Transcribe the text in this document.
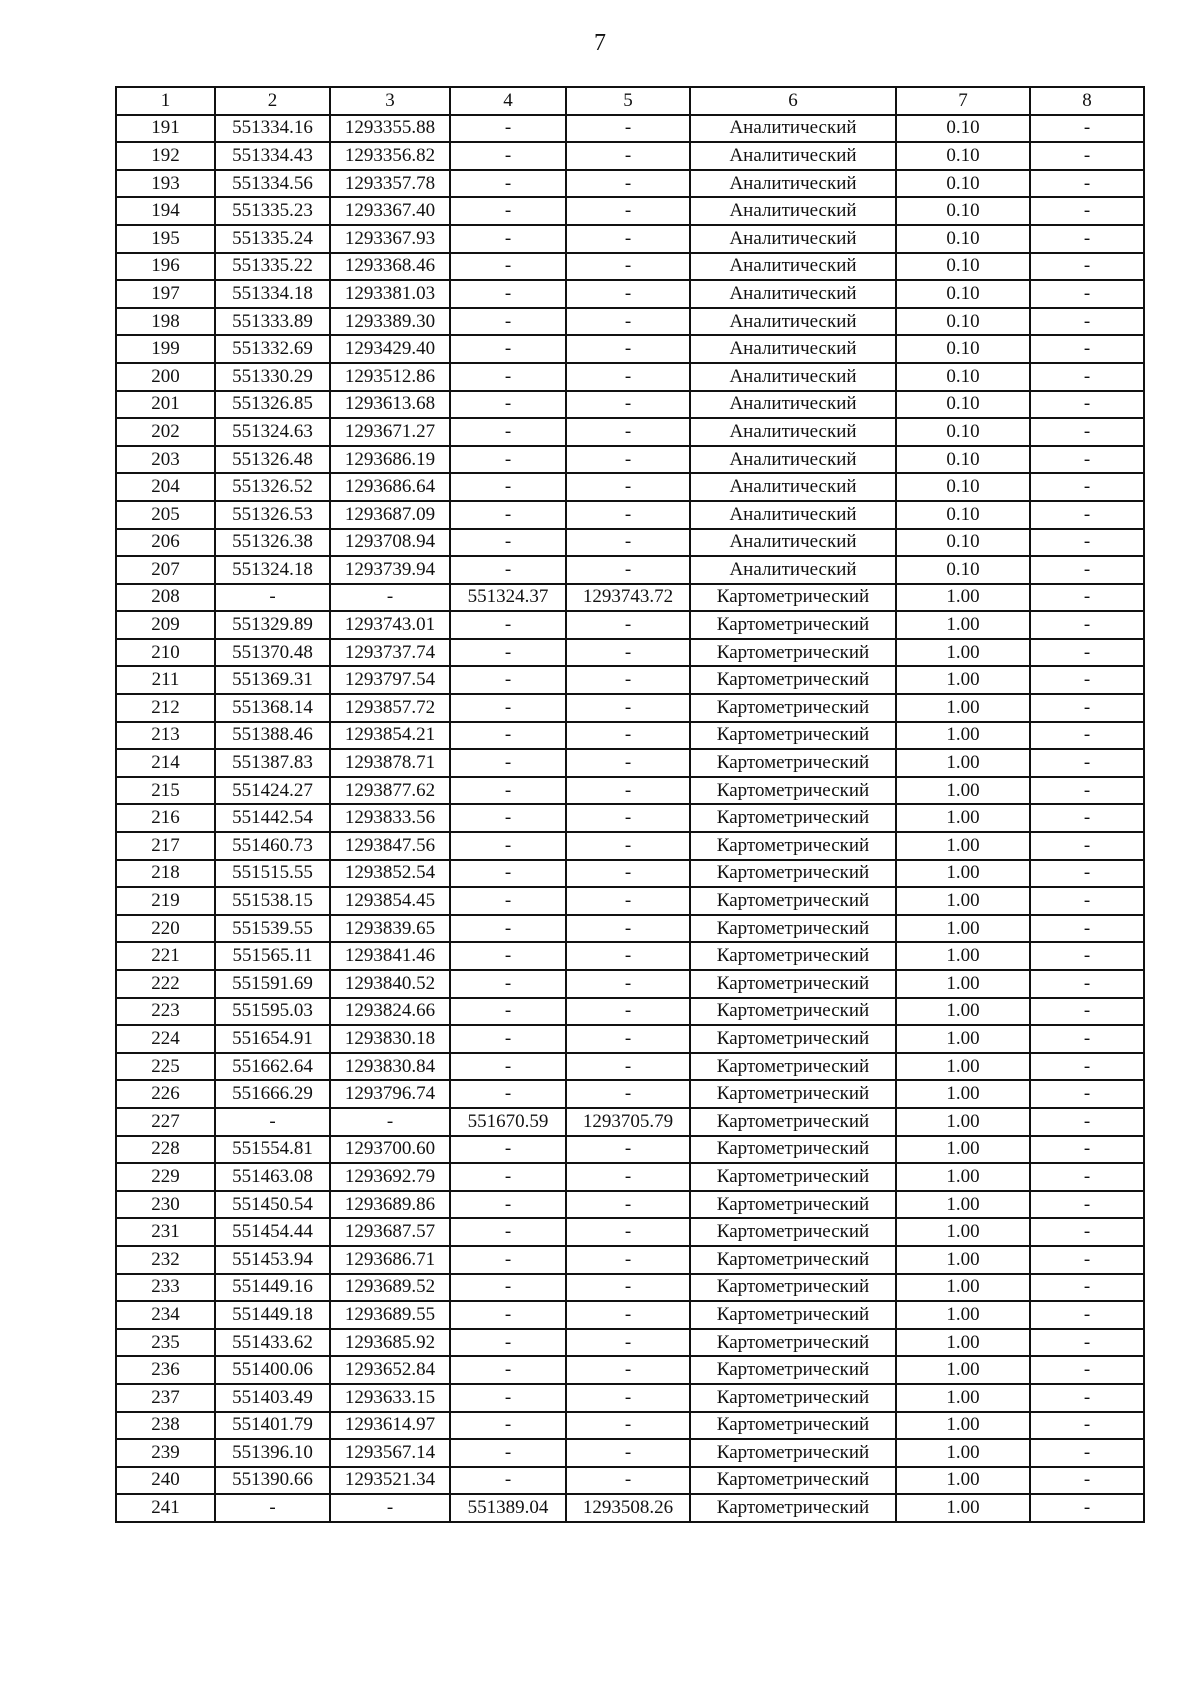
7
1	2	3	4	5	6	7	8
191	551334.16	1293355.88	-	-	Аналитический	0.10	-
192	551334.43	1293356.82	-	-	Аналитический	0.10	-
193	551334.56	1293357.78	-	-	Аналитический	0.10	-
194	551335.23	1293367.40	-	-	Аналитический	0.10	-
195	551335.24	1293367.93	-	-	Аналитический	0.10	-
196	551335.22	1293368.46	-	-	Аналитический	0.10	-
197	551334.18	1293381.03	-	-	Аналитический	0.10	-
198	551333.89	1293389.30	-	-	Аналитический	0.10	-
199	551332.69	1293429.40	-	-	Аналитический	0.10	-
200	551330.29	1293512.86	-	-	Аналитический	0.10	-
201	551326.85	1293613.68	-	-	Аналитический	0.10	-
202	551324.63	1293671.27	-	-	Аналитический	0.10	-
203	551326.48	1293686.19	-	-	Аналитический	0.10	-
204	551326.52	1293686.64	-	-	Аналитический	0.10	-
205	551326.53	1293687.09	-	-	Аналитический	0.10	-
206	551326.38	1293708.94	-	-	Аналитический	0.10	-
207	551324.18	1293739.94	-	-	Аналитический	0.10	-
208	-	-	551324.37	1293743.72	Картометрический	1.00	-
209	551329.89	1293743.01	-	-	Картометрический	1.00	-
210	551370.48	1293737.74	-	-	Картометрический	1.00	-
211	551369.31	1293797.54	-	-	Картометрический	1.00	-
212	551368.14	1293857.72	-	-	Картометрический	1.00	-
213	551388.46	1293854.21	-	-	Картометрический	1.00	-
214	551387.83	1293878.71	-	-	Картометрический	1.00	-
215	551424.27	1293877.62	-	-	Картометрический	1.00	-
216	551442.54	1293833.56	-	-	Картометрический	1.00	-
217	551460.73	1293847.56	-	-	Картометрический	1.00	-
218	551515.55	1293852.54	-	-	Картометрический	1.00	-
219	551538.15	1293854.45	-	-	Картометрический	1.00	-
220	551539.55	1293839.65	-	-	Картометрический	1.00	-
221	551565.11	1293841.46	-	-	Картометрический	1.00	-
222	551591.69	1293840.52	-	-	Картометрический	1.00	-
223	551595.03	1293824.66	-	-	Картометрический	1.00	-
224	551654.91	1293830.18	-	-	Картометрический	1.00	-
225	551662.64	1293830.84	-	-	Картометрический	1.00	-
226	551666.29	1293796.74	-	-	Картометрический	1.00	-
227	-	-	551670.59	1293705.79	Картометрический	1.00	-
228	551554.81	1293700.60	-	-	Картометрический	1.00	-
229	551463.08	1293692.79	-	-	Картометрический	1.00	-
230	551450.54	1293689.86	-	-	Картометрический	1.00	-
231	551454.44	1293687.57	-	-	Картометрический	1.00	-
232	551453.94	1293686.71	-	-	Картометрический	1.00	-
233	551449.16	1293689.52	-	-	Картометрический	1.00	-
234	551449.18	1293689.55	-	-	Картометрический	1.00	-
235	551433.62	1293685.92	-	-	Картометрический	1.00	-
236	551400.06	1293652.84	-	-	Картометрический	1.00	-
237	551403.49	1293633.15	-	-	Картометрический	1.00	-
238	551401.79	1293614.97	-	-	Картометрический	1.00	-
239	551396.10	1293567.14	-	-	Картометрический	1.00	-
240	551390.66	1293521.34	-	-	Картометрический	1.00	-
241	-	-	551389.04	1293508.26	Картометрический	1.00	-
